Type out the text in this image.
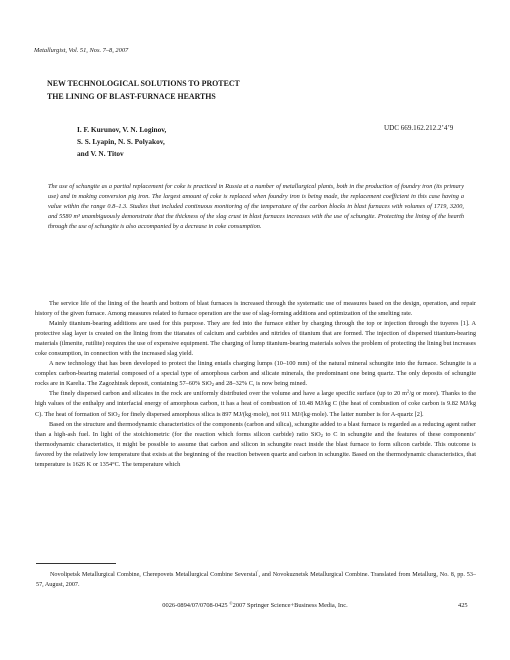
Metallurgist, Vol. 51, Nos. 7–8, 2007
NEW TECHNOLOGICAL SOLUTIONS TO PROTECT
THE LINING OF BLAST-FURNACE HEARTHS
I. F. Kurunov, V. N. Loginov,
S. S. Lyapin, N. S. Polyakov,
and V. N. Titov
UDC 669.162.212.2’4’9
The use of schungite as a partial replacement for coke is practiced in Russia at a number of metallurgical plants, both in the production of foundry iron (its primary use) and in making conversion pig iron. The largest amount of coke is replaced when foundry iron is being made, the replacement coefficient in this case having a value within the range 0.8–1.3. Studies that included continuous monitoring of the temperature of the carbon blocks in blast furnaces with volumes of 1719, 3200, and 5580 m³ unambiguously demonstrate that the thickness of the slag crust in blast furnaces increases with the use of schungite. Protecting the lining of the hearth through the use of schungite is also accompanied by a decrease in coke consumption.

The service life of the lining of the hearth and bottom of blast furnaces is increased through the systematic use of measures based on the design, operation, and repair history of the given furnace. Among measures related to furnace operation are the use of slag-forming additions and optimization of the smelting rate.

Mainly titanium-bearing additions are used for this purpose. They are fed into the furnace either by charging through the top or injection through the tuyeres [1]. A protective slag layer is created on the lining from the titanates of calcium and carbides and nitrides of titanium that are formed. The injection of dispersed titanium-bearing materials (ilmenite, rutilite) requires the use of expensive equipment. The charging of lump titanium-bearing materials solves the problem of protecting the lining but increases coke consumption, in connection with the increased slag yield.

A new technology that has been developed to protect the lining entails charging lumps (10–100 mm) of the natural mineral schungite into the furnace. Schungite is a complex carbon-bearing material composed of a special type of amorphous carbon and silicate minerals, the predominant one being quartz. The only deposits of schungite rocks are in Karelia. The Zagozhinsk deposit, containing 57–60% SiO$_2$ and 28–32% C, is now being mined.

The finely dispersed carbon and silicates in the rock are uniformly distributed over the volume and have a large specific surface (up to 20 $m^2/g$ or more). Thanks to the high values of the enthalpy and interfacial energy of amorphous carbon, it has a heat of combustion of 10.48 MJ/kg C (the heat of combustion of coke carbon is 9.82 MJ/kg C). The heat of formation of SiO$_2$ for finely dispersed amorphous silica is 897 MJ/(kg·mole), not 911 MJ/(kg·mole). The latter number is for A-quartz [2].

Based on the structure and thermodynamic characteristics of the components (carbon and silica), schungite added to a blast furnace is regarded as a reducing agent rather than a high-ash fuel. In light of the stoichiometric (for the reaction which forms silicon carbide) ratio SiO$_2$ to C in schungite and the features of these components’ thermodynamic characteristics, it might be possible to assume that carbon and silicon in schungite react inside the blast furnace to form silicon carbide. This outcome is favored by the relatively low temperature that exists at the beginning of the reaction between quartz and carbon in schungite. Based on the thermodynamic characteristics, that temperature is 1626 K or 1354°C. The temperature which

Novolipetsk Metallurgical Combine, Cherepovets Metallurgical Combine Severstal’, and Novokuznetsk Metallurgical Combine. Translated from Metallurg, No. 8, pp. 53–57, August, 2007.
0026-0894/07/0708-0425 ©2007 Springer Science+Business Media, Inc.	425
